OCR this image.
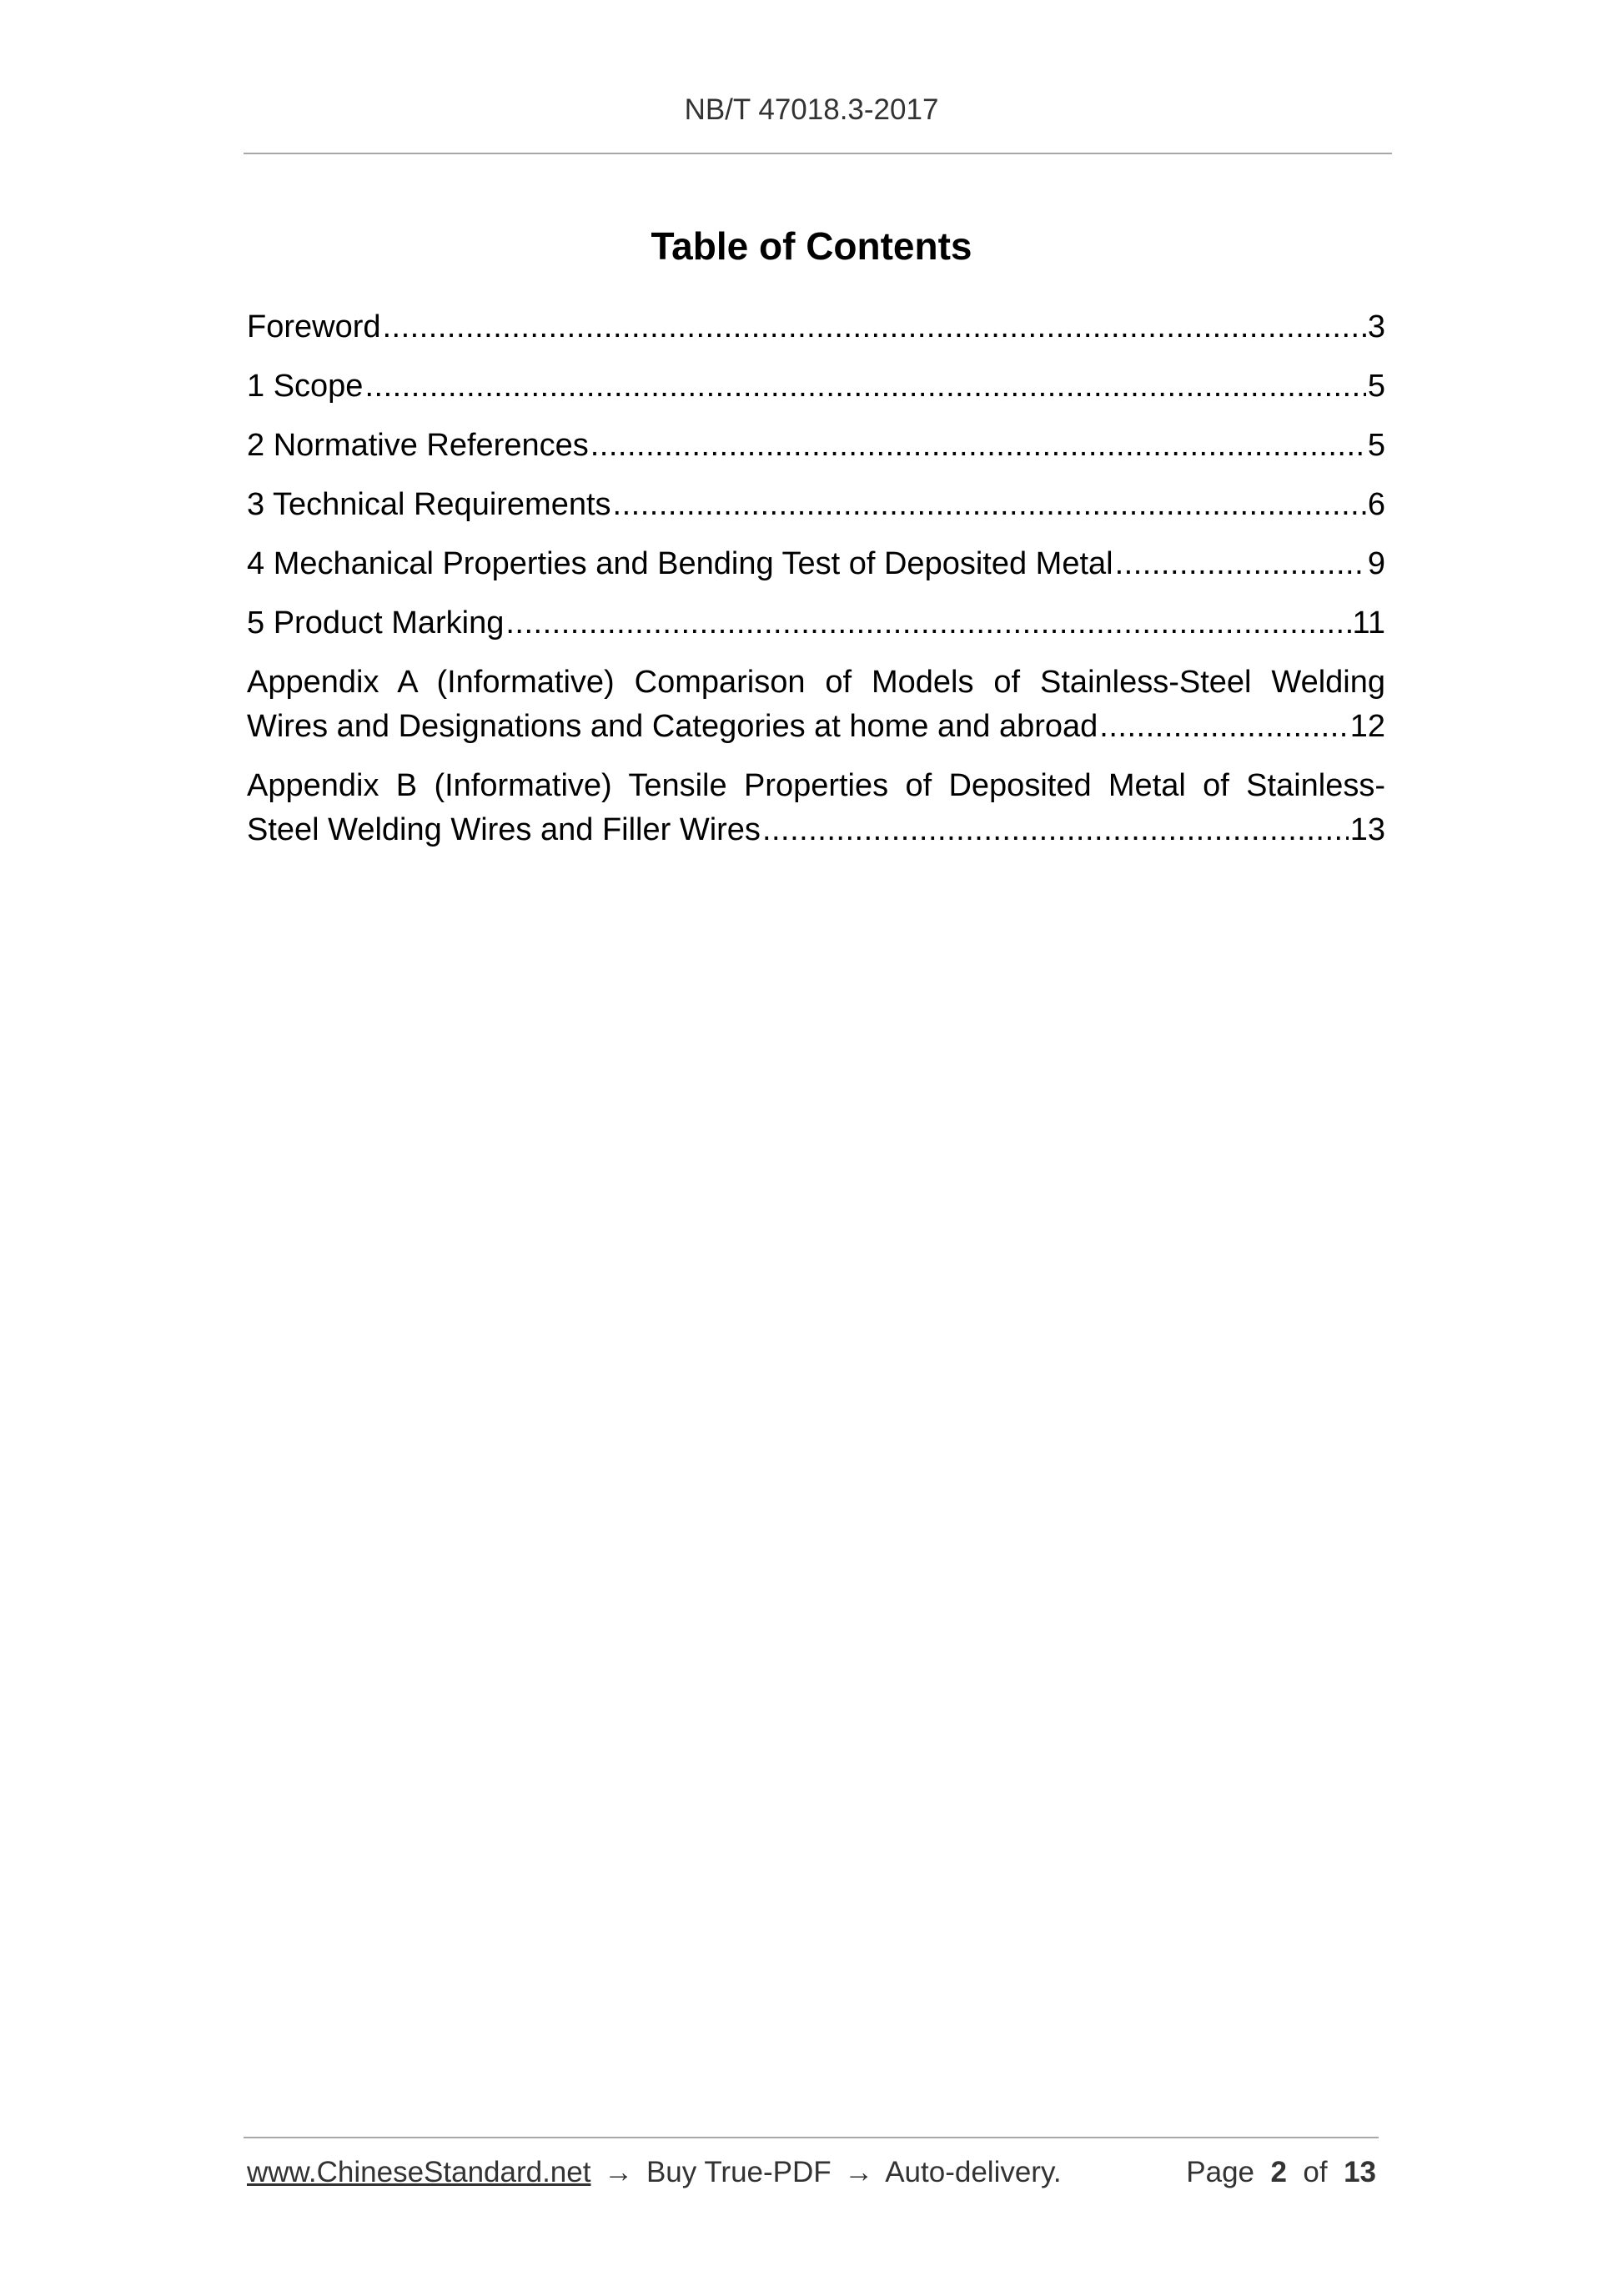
NB/T 47018.3-2017
Table of Contents
Foreword .....	3
1 Scope .....	5
2 Normative References .....	5
3 Technical Requirements .....	6
4 Mechanical Properties and Bending Test of Deposited Metal .....	9
5 Product Marking .....	11
Appendix A (Informative) Comparison of Models of Stainless-Steel Welding
Wires and Designations and Categories at home and abroad .....	12
Appendix B (Informative) Tensile Properties of Deposited Metal of Stainless-
Steel Welding Wires and Filler Wires .....	13
www.ChineseStandard.net → Buy True-PDF → Auto-delivery.	Page 2 of 13
